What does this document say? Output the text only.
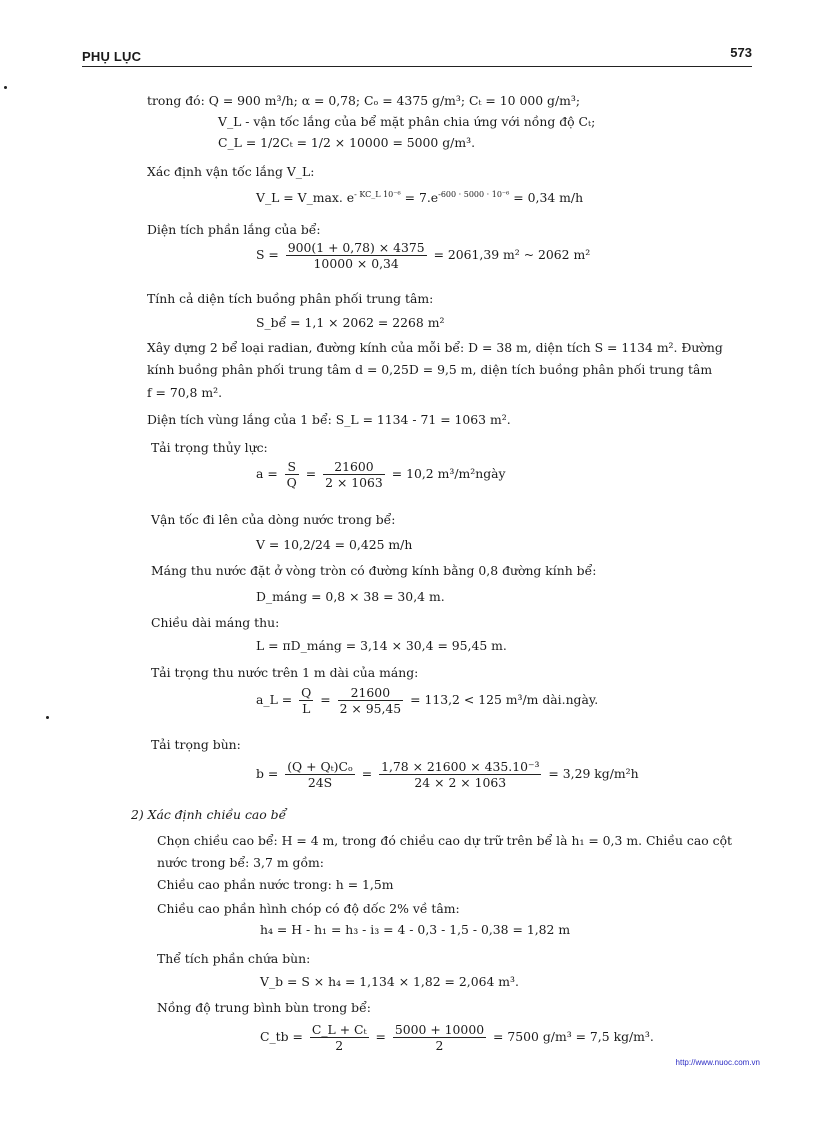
PHỤ LỤC	573
trong đó: Q = 900 m³/h; α = 0,78; Cₒ = 4375 g/m³; Cₜ = 10 000 g/m³;
V_L - vận tốc lắng của bể mặt phân chia ứng với nồng độ Cₜ;
C_L = 1/2Cₜ = 1/2 × 10000 = 5000 g/m³.
Xác định vận tốc lắng V_L:
V_L = V_max. $e^{- KC\_L 10^{-6}} = 7.e^{-600 \cdot 5000 \cdot 10^{-6}} = 0,34$ m/h
Diện tích phần lắng của bể:
$S = \frac{900(1 + 0,78) \times 4375}{10000 \times 0,34} = 2061,39$ m² ~ 2062 m²
Tính cả diện tích buồng phân phối trung tâm:
S_bể = 1,1 × 2062 = 2268 m²
Xây dựng 2 bể loại radian, đường kính của mỗi bể: D = 38 m, diện tích S = 1134 m². Đường
kính buồng phân phối trung tâm d = 0,25D = 9,5 m, diện tích buồng phân phối trung tâm
f = 70,8 m².
Diện tích vùng lắng của 1 bể: S_L = 1134 - 71 = 1063 m².
Tải trọng thủy lực:
$a = \frac{S}{Q} = \frac{21600}{2 \times 1063} = 10,2$ m³/m²ngày
Vận tốc đi lên của dòng nước trong bể:
V = 10,2/24 = 0,425 m/h
Máng thu nước đặt ở vòng tròn có đường kính bằng 0,8 đường kính bể:
D_máng = 0,8 × 38 = 30,4 m.
Chiều dài máng thu:
L = πD_máng = 3,14 × 30,4 = 95,45 m.
Tải trọng thu nước trên 1 m dài của máng:
a_L = $\frac{Q}{L} = \frac{21600}{2 \times 95,45} = 113,2 < 125$ m³/m dài.ngày.
Tải trọng bùn:
$b = \frac{\text{(Q + Qₜ)Cₒ}}{24S} = \frac{\text{1,78 × 21600 × 435.10⁻³}}{24 \times 2 \times 1063} = 3,29$ kg/m²h
2) Xác định chiều cao bể
Chọn chiều cao bể: H = 4 m, trong đó chiều cao dự trữ trên bể là h₁ = 0,3 m. Chiều cao cột
nước trong bể: 3,7 m gồm:
Chiều cao phần nước trong: h = 1,5m
Chiều cao phần hình chóp có độ dốc 2% về tâm:
h₄ = H - h₁ = h₃ - i₃ = 4 - 0,3 - 1,5 - 0,38 = 1,82 m
Thể tích phần chứa bùn:
V_b = S × h₄ = 1,134 × 1,82 = 2,064 m³.
Nồng độ trung bình bùn trong bể:
C_tb = $\frac{\text{C\_L + Cₜ}}{2} = \frac{5000 + 10000}{2} = 7500$ g/m³ = 7,5 kg/m³.
http://www.nuoc.com.vn
